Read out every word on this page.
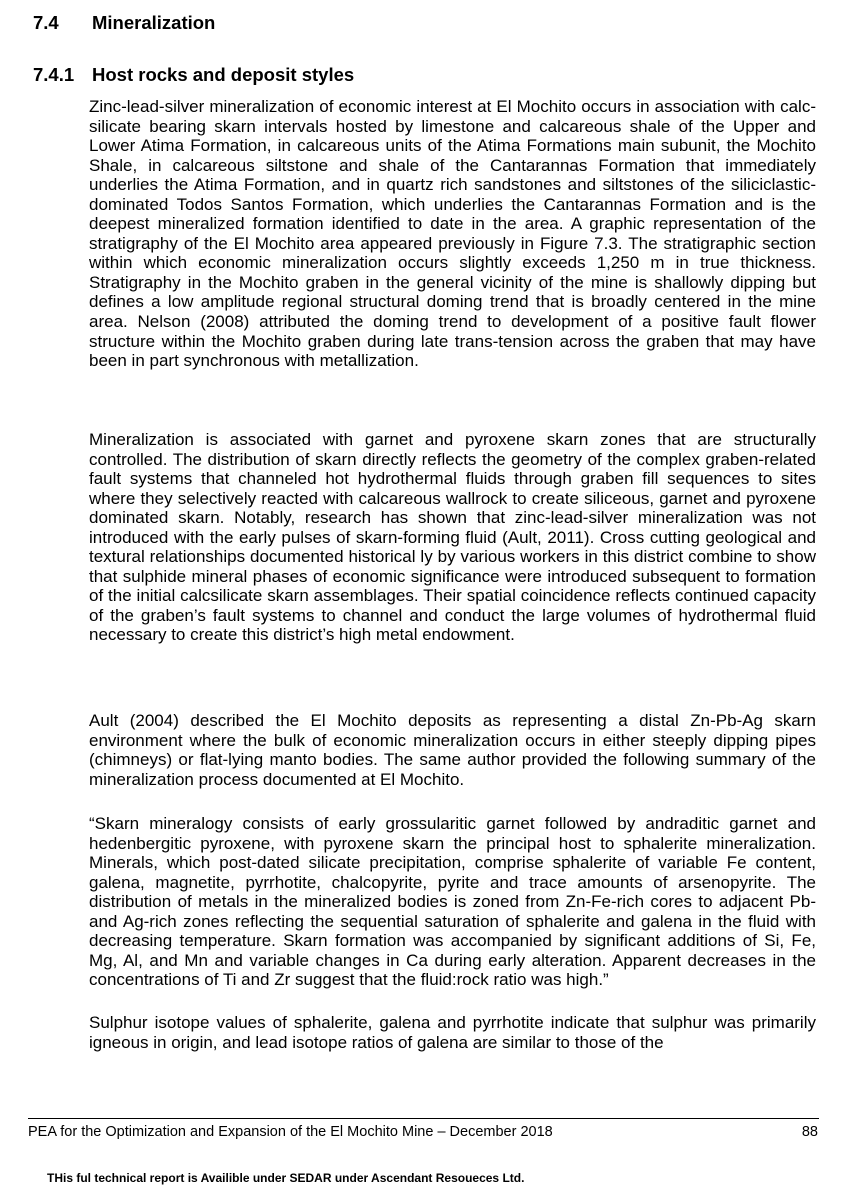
7.4 Mineralization
7.4.1 Host rocks and deposit styles

Zinc-lead-silver mineralization of economic interest at El Mochito occurs in association with calc-silicate bearing skarn intervals hosted by limestone and calcareous shale of the Upper and Lower Atima Formation, in calcareous units of the Atima Formations main subunit, the Mochito Shale, in calcareous siltstone and shale of the Cantarannas Formation that immediately underlies the Atima Formation, and in quartz rich sandstones and siltstones of the siliciclastic-dominated Todos Santos Formation, which underlies the Cantarannas Formation and is the deepest mineralized formation identified to date in the area. A graphic representation of the stratigraphy of the El Mochito area appeared previously in Figure 7.3. The stratigraphic section within which economic mineralization occurs slightly exceeds 1,250 m in true thickness. Stratigraphy in the Mochito graben in the general vicinity of the mine is shallowly dipping but defines a low amplitude regional structural doming trend that is broadly centered in the mine area. Nelson (2008) attributed the doming trend to development of a positive fault flower structure within the Mochito graben during late trans-tension across the graben that may have been in part synchronous with metallization.

Mineralization is associated with garnet and pyroxene skarn zones that are structurally controlled. The distribution of skarn directly reflects the geometry of the complex graben-related fault systems that channeled hot hydrothermal fluids through graben fill sequences to sites where they selectively reacted with calcareous wallrock to create siliceous, garnet and pyroxene dominated skarn. Notably, research has shown that zinc-lead-silver mineralization was not introduced with the early pulses of skarn-forming fluid (Ault, 2011). Cross cutting geological and textural relationships documented historical ly by various workers in this district combine to show that sulphide mineral phases of economic significance were introduced subsequent to formation of the initial calcsilicate skarn assemblages. Their spatial coincidence reflects continued capacity of the graben’s fault systems to channel and conduct the large volumes of hydrothermal fluid necessary to create this district’s high metal endowment.

Ault (2004) described the El Mochito deposits as representing a distal Zn-Pb-Ag skarn environment where the bulk of economic mineralization occurs in either steeply dipping pipes (chimneys) or flat-lying manto bodies. The same author provided the following summary of the mineralization process documented at El Mochito.

“Skarn mineralogy consists of early grossularitic garnet followed by andraditic garnet and hedenbergitic pyroxene, with pyroxene skarn the principal host to sphalerite mineralization. Minerals, which post-dated silicate precipitation, comprise sphalerite of variable Fe content, galena, magnetite, pyrrhotite, chalcopyrite, pyrite and trace amounts of arsenopyrite. The distribution of metals in the mineralized bodies is zoned from Zn-Fe-rich cores to adjacent Pb- and Ag-rich zones reflecting the sequential saturation of sphalerite and galena in the fluid with decreasing temperature. Skarn formation was accompanied by significant additions of Si, Fe, Mg, Al, and Mn and variable changes in Ca during early alteration. Apparent decreases in the concentrations of Ti and Zr suggest that the fluid:rock ratio was high.”

Sulphur isotope values of sphalerite, galena and pyrrhotite indicate that sulphur was primarily igneous in origin, and lead isotope ratios of galena are similar to those of the

PEA for the Optimization and Expansion of the El Mochito Mine – December 2018	88
THis ful technical report is Availible under SEDAR under Ascendant Resoueces Ltd.
